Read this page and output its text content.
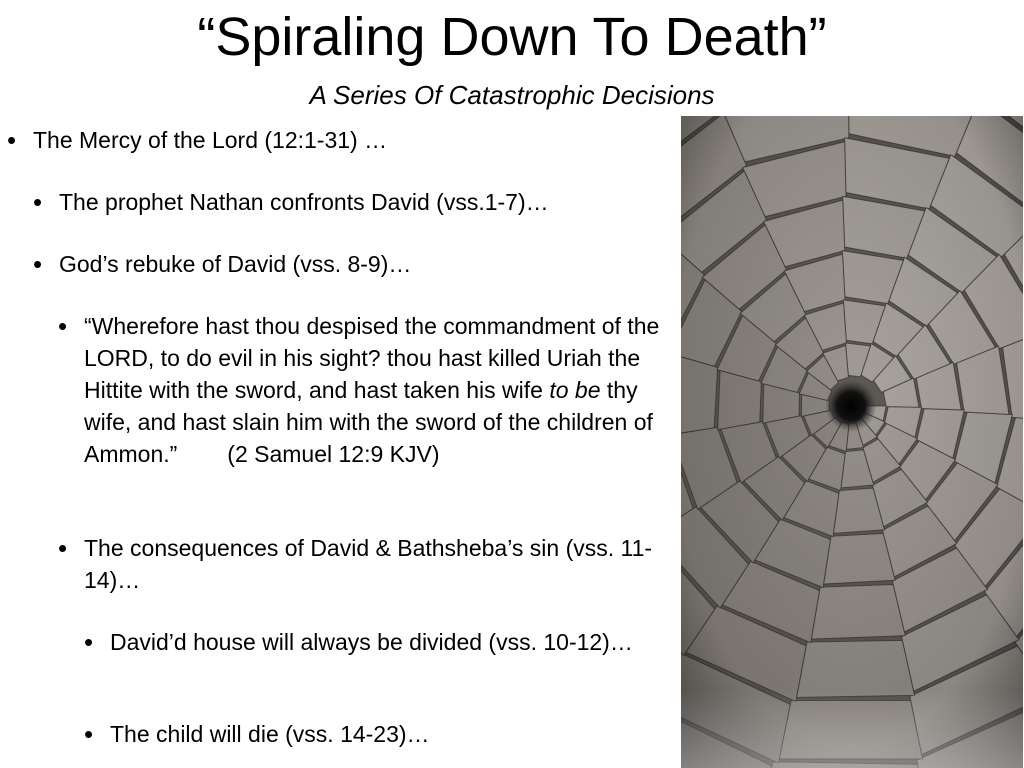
“Spiraling Down To Death”
A Series Of Catastrophic Decisions
• The Mercy of the Lord (12:1-31) …
• The prophet Nathan confronts David (vss.1-7)…
• God’s rebuke of David (vss. 8-9)…
• “Wherefore hast thou despised the commandment of the LORD, to do evil in his sight? thou hast killed Uriah the Hittite with the sword, and hast taken his wife to be thy wife, and hast slain him with the sword of the children of Ammon.” (2 Samuel 12:9 KJV)
• The consequences of David & Bathsheba’s sin (vss. 11-14)…
• David’d house will always be divided (vss. 10-12)…
• The child will die (vss. 14-23)…
